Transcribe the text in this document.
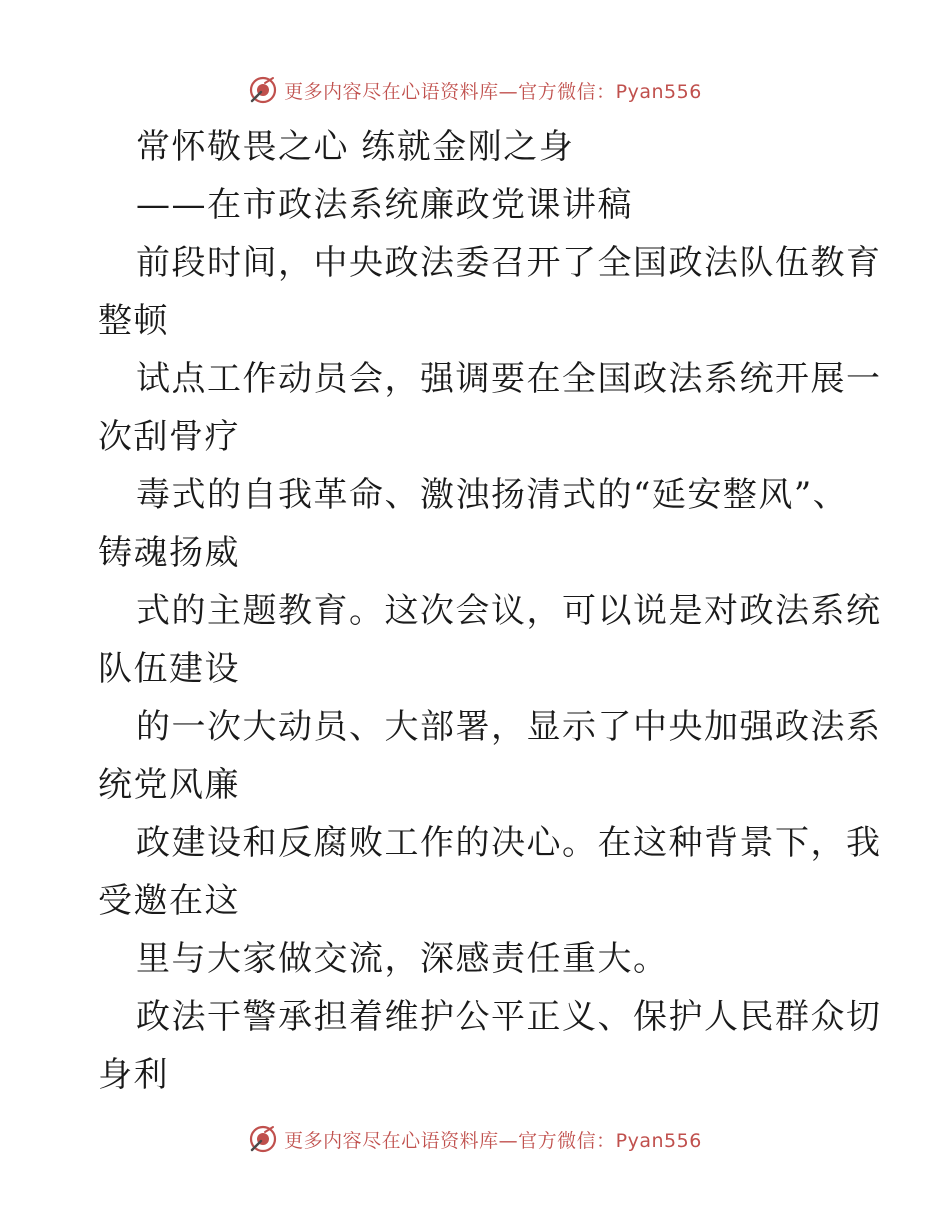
更多内容尽在心语资料库—官方微信：Pyan556
常怀敬畏之心 练就金刚之身
——在市政法系统廉政党课讲稿
前段时间，中央政法委召开了全国政法队伍教育
整顿
试点工作动员会，强调要在全国政法系统开展一
次刮骨疗
毒式的自我革命、激浊扬清式的“延安整风”、
铸魂扬威
式的主题教育。这次会议，可以说是对政法系统
队伍建设
的一次大动员、大部署，显示了中央加强政法系
统党风廉
政建设和反腐败工作的决心。在这种背景下，我
受邀在这
里与大家做交流，深感责任重大。
政法干警承担着维护公平正义、保护人民群众切
身利
更多内容尽在心语资料库—官方微信：Pyan556
